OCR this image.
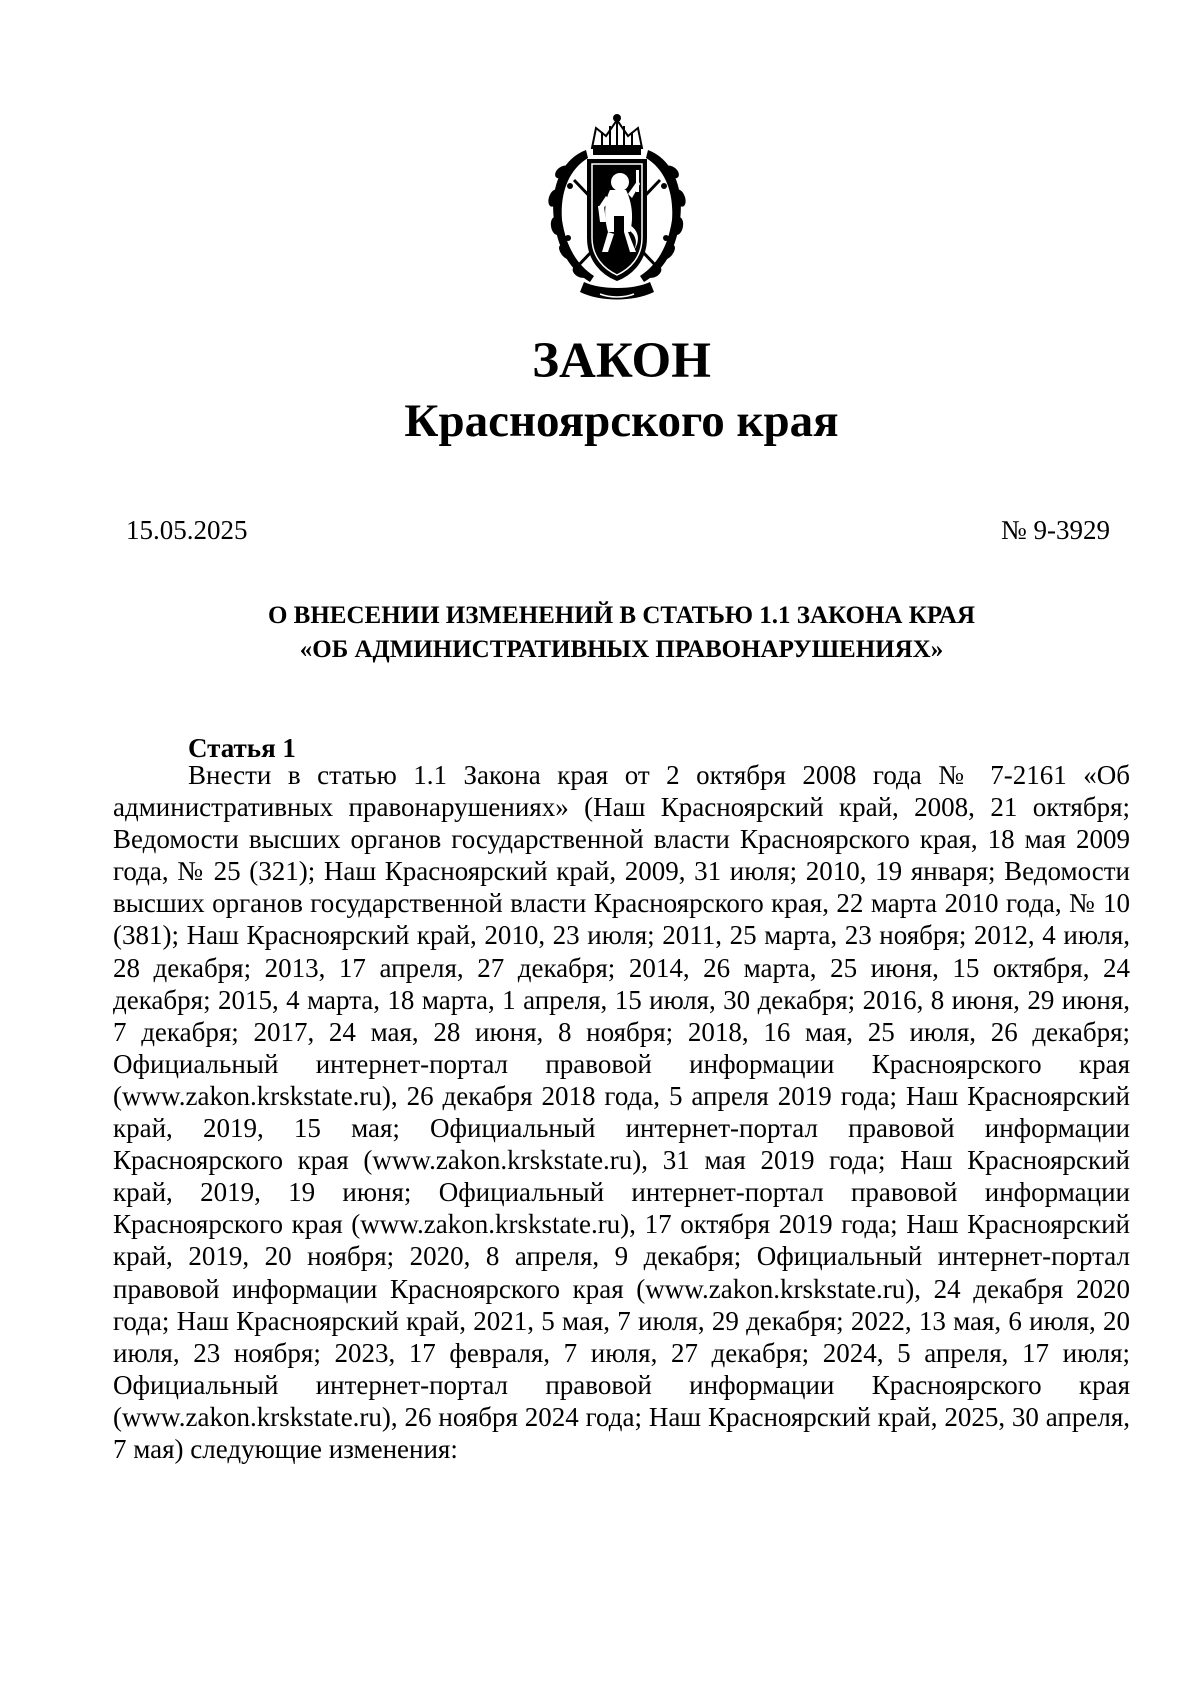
ЗАКОН
Красноярского края
15.05.2025	№ 9-3929
О ВНЕСЕНИИ ИЗМЕНЕНИЙ В СТАТЬЮ 1.1 ЗАКОНА КРАЯ
«ОБ АДМИНИСТРАТИВНЫХ ПРАВОНАРУШЕНИЯХ»
Статья 1

Внести в статью 1.1 Закона края от 2 октября 2008 года № 7-2161 «Об административных правонарушениях» (Наш Красноярский край, 2008, 21 октября; Ведомости высших органов государственной власти Красноярского края, 18 мая 2009 года, № 25 (321); Наш Красноярский край, 2009, 31 июля; 2010, 19 января; Ведомости высших органов государственной власти Красноярского края, 22 марта 2010 года, № 10 (381); Наш Красноярский край, 2010, 23 июля; 2011, 25 марта, 23 ноября; 2012, 4 июля, 28 декабря; 2013, 17 апреля, 27 декабря; 2014, 26 марта, 25 июня, 15 октября, 24 декабря; 2015, 4 марта, 18 марта, 1 апреля, 15 июля, 30 декабря; 2016, 8 июня, 29 июня, 7 декабря; 2017, 24 мая, 28 июня, 8 ноября; 2018, 16 мая, 25 июля, 26 декабря; Официальный интернет-портал правовой информации Красноярского края (www.zakon.krskstate.ru), 26 декабря 2018 года, 5 апреля 2019 года; Наш Красноярский край, 2019, 15 мая; Официальный интернет-портал правовой информации Красноярского края (www.zakon.krskstate.ru), 31 мая 2019 года; Наш Красноярский край, 2019, 19 июня; Официальный интернет-портал правовой информации Красноярского края (www.zakon.krskstate.ru), 17 октября 2019 года; Наш Красноярский край, 2019, 20 ноября; 2020, 8 апреля, 9 декабря; Официальный интернет-портал правовой информации Красноярского края (www.zakon.krskstate.ru), 24 декабря 2020 года; Наш Красноярский край, 2021, 5 мая, 7 июля, 29 декабря; 2022, 13 мая, 6 июля, 20 июля, 23 ноября; 2023, 17 февраля, 7 июля, 27 декабря; 2024, 5 апреля, 17 июля; Официальный интернет-портал правовой информации Красноярского края (www.zakon.krskstate.ru), 26 ноября 2024 года; Наш Красноярский край, 2025, 30 апреля, 7 мая) следующие изменения:
